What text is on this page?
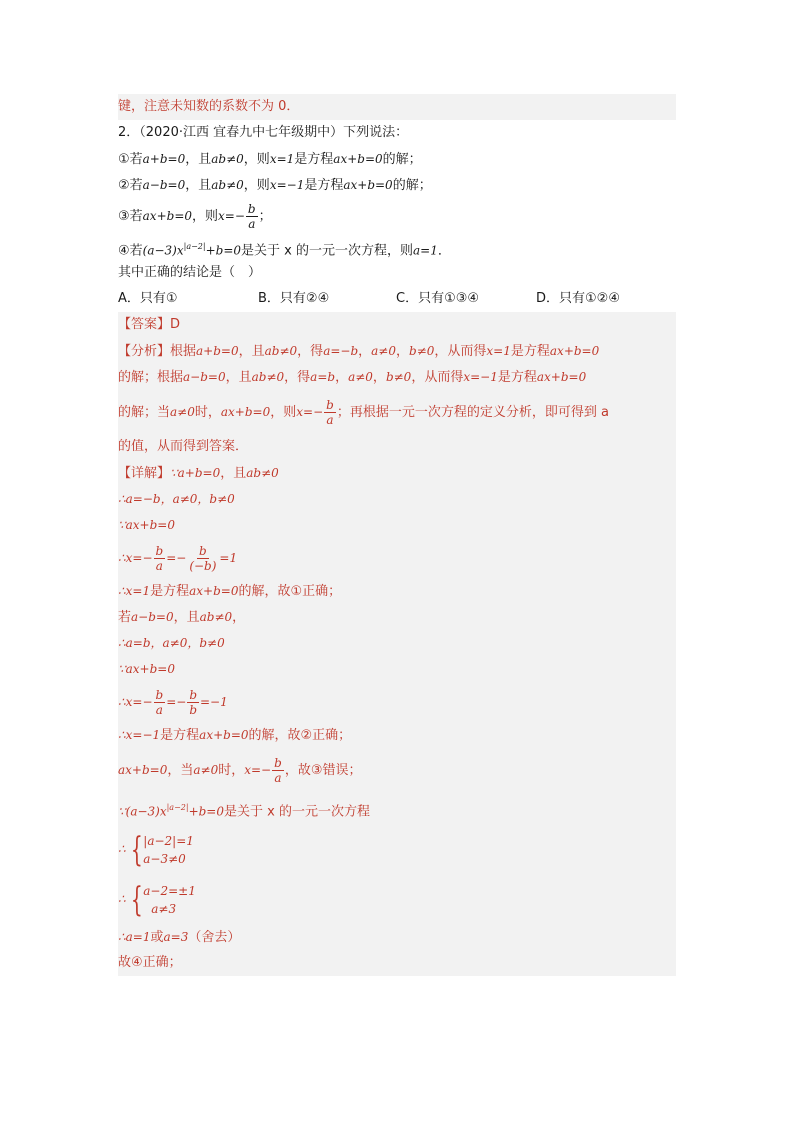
键，注意未知数的系数不为 0．
2．（2020·江西 宜春九中七年级期中）下列说法：
①若a+b=0，且ab≠0，则x=1是方程ax+b=0的解；
②若a−b=0，且ab≠0，则x=−1是方程ax+b=0的解；
③若ax+b=0，则$x=- \frac{b}{a}$ ；
④若$(a-3)x^{|a-2|}+b=0$是关于 x 的一元一次方程，则a=1．
其中正确的结论是（　）
A．只有①	B．只有②④	C．只有①③④	D．只有①②④
【答案】D
【分析】根据a+b=0，且ab≠0，得a=−b，a≠0，b≠0，从而得x=1是方程ax+b=0
的解；根据a−b=0，且ab≠0，得a=b，a≠0，b≠0，从而得x=−1是方程ax+b=0
的解；当a≠0时，ax+b=0，则$x=- \frac{b}{a}$ ；再根据一元一次方程的定义分析，即可得到 a
的值，从而得到答案．
【详解】∵a+b=0，且ab≠0
∴a=−b，a≠0，b≠0
∵ax+b=0
∴x=− $\frac{b}{a} =- \frac{b}{(-b)} =1$
∴x=1是方程ax+b=0的解，故①正确；
若a−b=0，且ab≠0，
∴a=b，a≠0，b≠0
∵ax+b=0
∴x=− $\frac{b}{a} =- \frac{b}{b} =-1$
∴x=−1是方程ax+b=0的解，故②正确；
ax+b=0，当a≠0时，$x=- \frac{b}{a}$ ，故③错误；
$\because(a-3)x^{|a-2|}+b=0$是关于 x 的一元一次方程
∴ { |a−2|=1
a−3≠0
∴ { a−2=±1
a≠3
∴a=1或a=3（舍去）
故④正确；
